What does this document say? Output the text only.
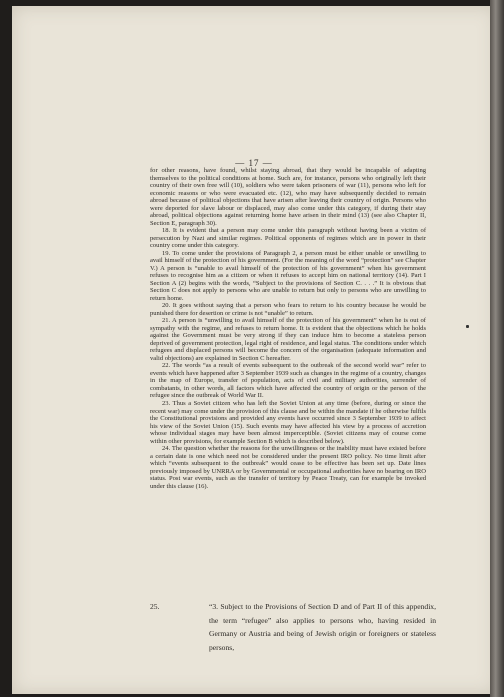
— 17 —

for other reasons, have found, whilst staying abroad, that they would be incapable of adapting themselves to the political conditions at home. Such are, for instance, persons who originally left their country of their own free will (10), soldiers who were taken prisoners of war (11), persons who left for economic reasons or who were evacuated etc. (12), who may have subsequently decided to remain abroad because of political objections that have arisen after leaving their country of origin. Persons who were deported for slave labour or displaced, may also come under this category, if during their stay abroad, political objections against returning home have arisen in their mind (13) (see also Chapter II, Section E, paragraph 30).

18. It is evident that a person may come under this paragraph without having been a victim of persecution by Nazi and similar regimes. Political opponents of regimes which are in power in their country come under this category.

19. To come under the provisions of Paragraph 2, a person must be either unable or unwilling to avail himself of the protection of his government. (For the meaning of the word “protection” see Chapter V.) A person is “unable to avail himself of the protection of his government” when his government refuses to recognise him as a citizen or when it refuses to accept him on national territory (14). Part I Section A (2) begins with the words, “Subject to the provisions of Section C. . . .” It is obvious that Section C does not apply to persons who are unable to return but only to persons who are unwilling to return home.

20. It goes without saying that a person who fears to return to his country because he would be punished there for desertion or crime is not “unable” to return.

21. A person is “unwilling to avail himself of the protection of his government” when he is out of sympathy with the regime, and refuses to return home. It is evident that the objections which he holds against the Government must be very strong if they can induce him to become a stateless person deprived of government protection, legal right of residence, and legal status. The conditions under which refugees and displaced persons will become the concern of the organisation (adequate information and valid objections) are explained in Section C hereafter.

22. The words “as a result of events subsequent to the outbreak of the second world war” refer to events which have happened after 3 September 1939 such as changes in the regime of a country, changes in the map of Europe, transfer of population, acts of civil and military authorities, surrender of combatants, in other words, all factors which have affected the country of origin or the person of the refugee since the outbreak of World War II.

23. Thus a Soviet citizen who has left the Soviet Union at any time (before, during or since the recent war) may come under the provision of this clause and be within the mandate if he otherwise fulfils the Constitutional provisions and provided any events have occurred since 3 September 1939 to affect his view of the Soviet Union (15). Such events may have affected his view by a process of accretion whose individual stages may have been almost imperceptible. (Soviet citizens may of course come within other provisions, for example Section B which is described below).

24. The question whether the reasons for the unwillingness or the inability must have existed before a certain date is one which need not be considered under the present IRO policy. No time limit after which “events subsequent to the outbreak” would cease to be effective has been set up. Date lines previously imposed by UNRRA or by Governmental or occupational authorities have no bearing on IRO status. Post war events, such as the transfer of territory by Peace Treaty, can for example be invoked under this clause (16).

25.	“3. Subject to the Provisions of Section D and of Part II of this appendix, the term “refugee” also applies to persons who, having resided in Germany or Austria and being of Jewish origin or foreigners or stateless persons,
